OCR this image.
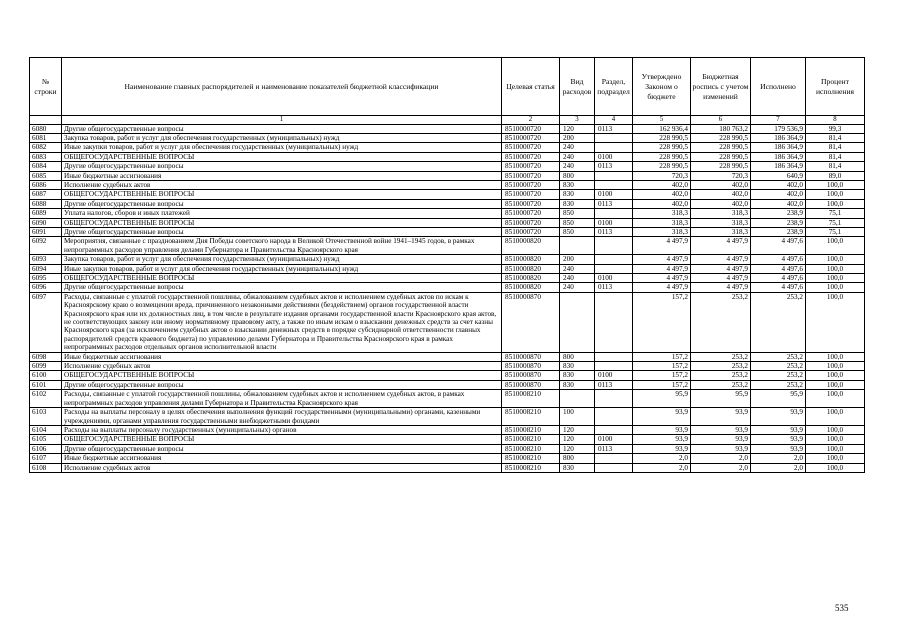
№ строки	Наименование главных распорядителей и наименование показателей бюджетной классификации	Целевая статья	Вид расходов	Раздел, подраздел	Утверждено Законом о бюджете	Бюджетная роспись с учетом изменений	Исполнено	Процент исполнения
	1	2	3	4	5	6	7	8
6080	Другие общегосударственные вопросы	8510000720	120	0113	162 936,4	180 763,2	179 536,9	99,3
6081	Закупка товаров, работ и услуг для обеспечения государственных (муниципальных) нужд	8510000720	200		228 990,5	228 990,5	186 364,9	81,4
6082	Иные закупки товаров, работ и услуг для обеспечения государственных (муниципальных) нужд	8510000720	240		228 990,5	228 990,5	186 364,9	81,4
6083	ОБЩЕГОСУДАРСТВЕННЫЕ ВОПРОСЫ	8510000720	240	0100	228 990,5	228 990,5	186 364,9	81,4
6084	Другие общегосударственные вопросы	8510000720	240	0113	228 990,5	228 990,5	186 364,9	81,4
6085	Иные бюджетные ассигнования	8510000720	800		720,3	720,3	640,9	89,0
6086	Исполнение судебных актов	8510000720	830		402,0	402,0	402,0	100,0
6087	ОБЩЕГОСУДАРСТВЕННЫЕ ВОПРОСЫ	8510000720	830	0100	402,0	402,0	402,0	100,0
6088	Другие общегосударственные вопросы	8510000720	830	0113	402,0	402,0	402,0	100,0
6089	Уплата налогов, сборов и иных платежей	8510000720	850		318,3	318,3	238,9	75,1
6090	ОБЩЕГОСУДАРСТВЕННЫЕ ВОПРОСЫ	8510000720	850	0100	318,3	318,3	238,9	75,1
6091	Другие общегосударственные вопросы	8510000720	850	0113	318,3	318,3	238,9	75,1
6092	Мероприятия, связанные с празднованием Дня Победы советского народа в Великой Отечественной войне 1941–1945 годов, в рамках непрограммных расходов управления делами Губернатора и Правительства Красноярского края	8510000820			4 497,9	4 497,9	4 497,6	100,0
6093	Закупка товаров, работ и услуг для обеспечения государственных (муниципальных) нужд	8510000820	200		4 497,9	4 497,9	4 497,6	100,0
6094	Иные закупки товаров, работ и услуг для обеспечения государственных (муниципальных) нужд	8510000820	240		4 497,9	4 497,9	4 497,6	100,0
6095	ОБЩЕГОСУДАРСТВЕННЫЕ ВОПРОСЫ	8510000820	240	0100	4 497,9	4 497,9	4 497,6	100,0
6096	Другие общегосударственные вопросы	8510000820	240	0113	4 497,9	4 497,9	4 497,6	100,0
6097	Расходы, связанные с уплатой государственной пошлины, обжалованием судебных актов и исполнением судебных актов по искам к Красноярскому краю о возмещении вреда, причиненного незаконными действиями (бездействием) органов государственной власти Красноярского края или их должностных лиц, в том числе в результате издания органами государственной власти Красноярского края актов, не соответствующих закону или иному нормативному правовому акту, а также по иным искам о взыскании денежных средств за счет казны Красноярского края (за исключением судебных актов о взыскании денежных средств в порядке субсидиарной ответственности главных распорядителей средств краевого бюджета) по управлению делами Губернатора и Правительства Красноярского края в рамках непрограммных расходов отдельных органов исполнительной власти	8510000870			157,2	253,2	253,2	100,0
6098	Иные бюджетные ассигнования	8510000870	800		157,2	253,2	253,2	100,0
6099	Исполнение судебных актов	8510000870	830		157,2	253,2	253,2	100,0
6100	ОБЩЕГОСУДАРСТВЕННЫЕ ВОПРОСЫ	8510000870	830	0100	157,2	253,2	253,2	100,0
6101	Другие общегосударственные вопросы	8510000870	830	0113	157,2	253,2	253,2	100,0
6102	Расходы, связанные с уплатой государственной пошлины, обжалованием судебных актов и исполнением судебных актов, в рамках непрограммных расходов управления делами Губернатора и Правительства Красноярского края	8510008210			95,9	95,9	95,9	100,0
6103	Расходы на выплаты персоналу в целях обеспечения выполнения функций государственными (муниципальными) органами, казенными учреждениями, органами управления государственными внебюджетными фондами	8510008210	100		93,9	93,9	93,9	100,0
6104	Расходы на выплаты персоналу государственных (муниципальных) органов	8510008210	120		93,9	93,9	93,9	100,0
6105	ОБЩЕГОСУДАРСТВЕННЫЕ ВОПРОСЫ	8510008210	120	0100	93,9	93,9	93,9	100,0
6106	Другие общегосударственные вопросы	8510008210	120	0113	93,9	93,9	93,9	100,0
6107	Иные бюджетные ассигнования	8510008210	800		2,0	2,0	2,0	100,0
6108	Исполнение судебных актов	8510008210	830		2,0	2,0	2,0	100,0
535
